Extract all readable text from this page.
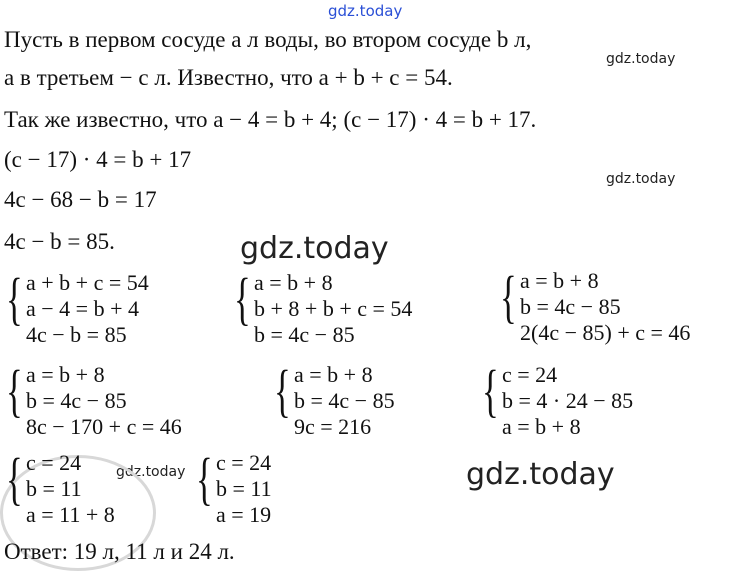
gdz.today
gdz.today
gdz.today
gdz.today
gdz.today	gdz.today
Пусть в первом сосуде a л воды, во втором сосуде b л,
а в третьем − c л. Известно, что a + b + c = 54.
Так же известно, что a − 4 = b + 4; (c − 17) · 4 = b + 17.
(c − 17) · 4 = b + 17
4c − 68 − b = 17
4c − b = 85.
{ a + b + c = 54
a − 4 = b + 4
4c − b = 85
{ a = b + 8
b + 8 + b + c = 54
b = 4c − 85
{ a = b + 8
b = 4c − 85
2(4c − 85) + c = 46
{ a = b + 8
b = 4c − 85
8c − 170 + c = 46
{ a = b + 8
b = 4c − 85
9c = 216
{ c = 24
b = 4 · 24 − 85
a = b + 8
{ c = 24
b = 11
a = 11 + 8
{ c = 24
b = 11
a = 19
Ответ: 19 л, 11 л и 24 л.
